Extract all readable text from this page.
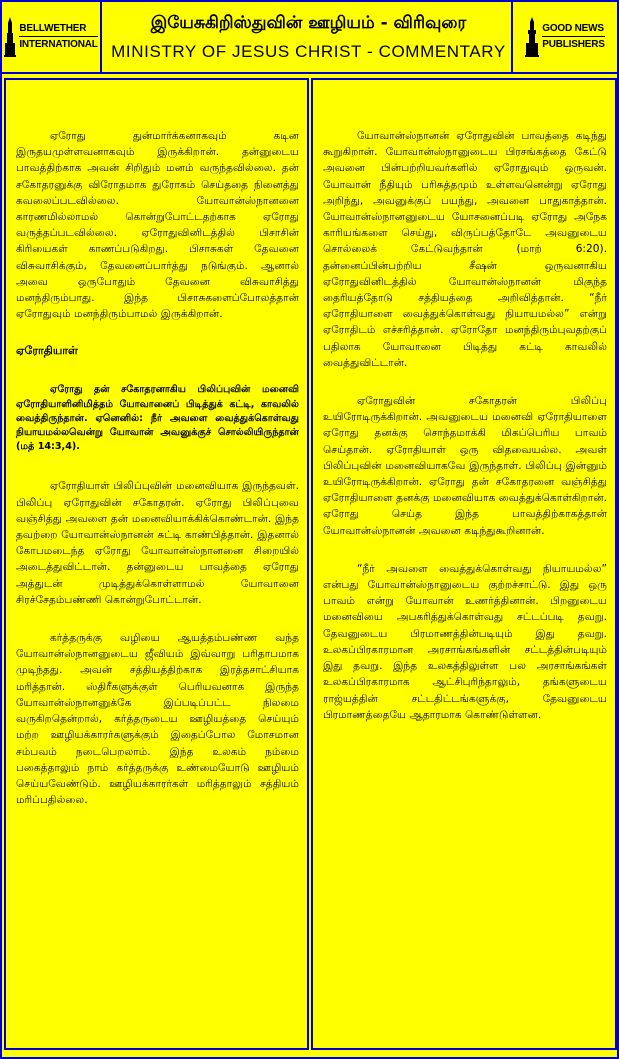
BELLWETHER
INTERNATIONAL
இயேசுகிறிஸ்துவின் ஊழியம் - விரிவுரை
MINISTRY OF JESUS CHRIST - COMMENTARY
GOOD NEWS
PUBLISHERS

ஏரோது துன்மார்க்கனாகவும் கடின இருதயமுள்ளவனாகவும் இருக்கிறான். தன்னுடைய பாவத்திற்காக அவன் சிறிதும் மனம் வருந்தவில்லை. தன் சகோதரனுக்கு விரோதமாக துரோகம் செய்ததை நினைத்து கவலைப்படவில்லை. யோவான்ஸ்நானனை காரணமில்லாமல் கொன்றுபோட்டதற்காக ஏரோது வருத்தப்படவில்லை. ஏரோதுவினிடத்தில் பிசாசின் கிரியைகள் காணப்படுகிறது. பிசாசுகள் தேவனை விசுவாசிக்கும், தேவனைப்பார்த்து நடுங்கும். ஆனால் அவை ஒருபோதும் தேவனை விசுவாசித்து மனந்திரும்பாது. இந்த பிசாசுகளைப்போலத்தான் ஏரோதுவும் மனந்திரும்பாமல் இருக்கிறான்.

ஏரோதியாள்

ஏரோது தன் சகோதரனாகிய பிலிப்புவின் மனைவி ஏரோதியாளினிமித்தம் யோவானைப் பிடித்துக் கட்டி, காவலில் வைத்திருந்தான். ஏனெனில்: நீர் அவளை வைத்துக்கொள்வது நியாயமல்லவென்று யோவான் அவனுக்குச் சொல்லியிருந்தான் (மத் 14:3,4).

ஏரோதியாள் பிலிப்புவின் மனைவியாக இருந்தவள். பிலிப்பு ஏரோதுவின் சகோதரன். ஏரோது பிலிப்புவை வஞ்சித்து அவளை தன் மனைவியாக்கிக்கொண்டான். இந்த தவற்றை யோவான்ஸ்நானன் சுட்டி காண்பித்தான். இதனால் கோபமடைந்த ஏரோது யோவான்ஸ்நானனை சிறையில் அடைத்துவிட்டான். தன்னுடைய பாவத்தை ஏரோது அத்துடன் முடித்துக்கொள்ளாமல் யோவானை சிரச்சேதம்பண்ணி கொன்றுபோட்டான்.

கர்த்தருக்கு வழியை ஆயத்தம்பண்ண வந்த யோவான்ஸ்நானனுடைய ஜீவியம் இவ்வாறு பரிதாபமாக முடிந்தது. அவன் சத்தியத்திற்காக இரத்தசாட்சியாக மரித்தான். ஸ்திரீகளுக்குள் பெரியவனாக இருந்த யோவான்ஸ்நானனுக்கே இப்படிப்பட்ட நிலமை வருகிறதென்றால், கர்த்தருடைய ஊழியத்தை செய்யும் மற்ற ஊழியக்காரர்களுக்கும் இதைப்போல மோசமான சம்பவம் நடைபெறலாம். இந்த உலகம் நம்மை பகைத்தாலும் நாம் கர்த்தருக்கு உண்மையோடு ஊழியம் செய்யவேண்டும். ஊழியக்காரர்கள் மரித்தாலும் சத்தியம் மரிப்பதில்லை.

யோவான்ஸ்நானன் ஏரோதுவின் பாவத்தை கடிந்து கூறுகிறான். யோவான்ஸ்நானுடைய பிரசங்கத்தை கேட்டு அவனை பின்பற்றியவர்களில் ஏரோதுவும் ஒருவன். யோவான் நீதியும் பரிசுத்தமும் உள்ளவனென்று ஏரோது அறிந்து, அவனுக்குப் பயந்து, அவனை பாதுகாத்தான். யோவான்ஸ்நானனுடைய யோசனைப்படி ஏரோது அநேக காரியங்களை செய்து, விருப்பத்தோடே அவனுடைய சொல்லைக் கேட்டுவந்தான் (மாற் 6:20). தன்னைப்பின்பற்றிய சீஷன் ஒருவனாகிய ஏரோதுவினிடத்தில் யோவான்ஸ்நானன் மிகுந்த தைரியத்தோடு சத்தியத்தை அறிவித்தான். “நீர் ஏரோதியாளை வைத்துக்கொள்வது நியாயமல்ல” என்று ஏரோதிடம் எச்சரித்தான். ஏரோதோ மனந்திரும்புவதற்குப் பதிலாக யோவானை பிடித்து கட்டி காவலில் வைத்துவிட்டான்.

ஏரோதுவின் சகோதரன் பிலிப்பு உயிரோடிருக்கிறான். அவனுடைய மனைவி ஏரோதியாளை ஏரோது தனக்கு சொந்தமாக்கி மிகப்பெரிய பாவம் செய்தான். ஏரோதியாள் ஒரு விதவையல்ல. அவள் பிலிப்புவின் மனைவியாகவே இருந்தாள். பிலிப்பு இன்னும் உயிரோடிருக்கிறான். ஏரோது தன் சகோதரனை வஞ்சித்து ஏரோதியாளை தனக்கு மனைவியாக வைத்துக்கொள்கிறான். ஏரோது செய்த இந்த பாவத்திற்காகத்தான் யோவான்ஸ்நானன் அவனை கடிந்துகூறினான்.

“நீர் அவளை வைத்துக்கொள்வது நியாயமல்ல” என்பது யோவான்ஸ்நானுடைய குற்றச்சாட்டு. இது ஒரு பாவம் என்று யோவான் உணர்த்தினான். பிறனுடைய மனைவியை அபகரித்துக்கொள்வது சட்டப்படி தவறு. தேவனுடைய பிரமாணத்தின்படியும் இது தவறு. உலகப்பிரகாரமான அரசாங்கங்களின் சட்டத்தின்படியும் இது தவறு. இந்த உலகத்திலுள்ள பல அரசாங்கங்கள் உலகப்பிரகாரமாக ஆட்சிபுரிந்தாலும், தங்களுடைய ராஜ்யத்தின் சட்டதிட்டங்களுக்கு, தேவனுடைய பிரமாணத்தையே ஆதாரமாக கொண்டுள்ளன.
